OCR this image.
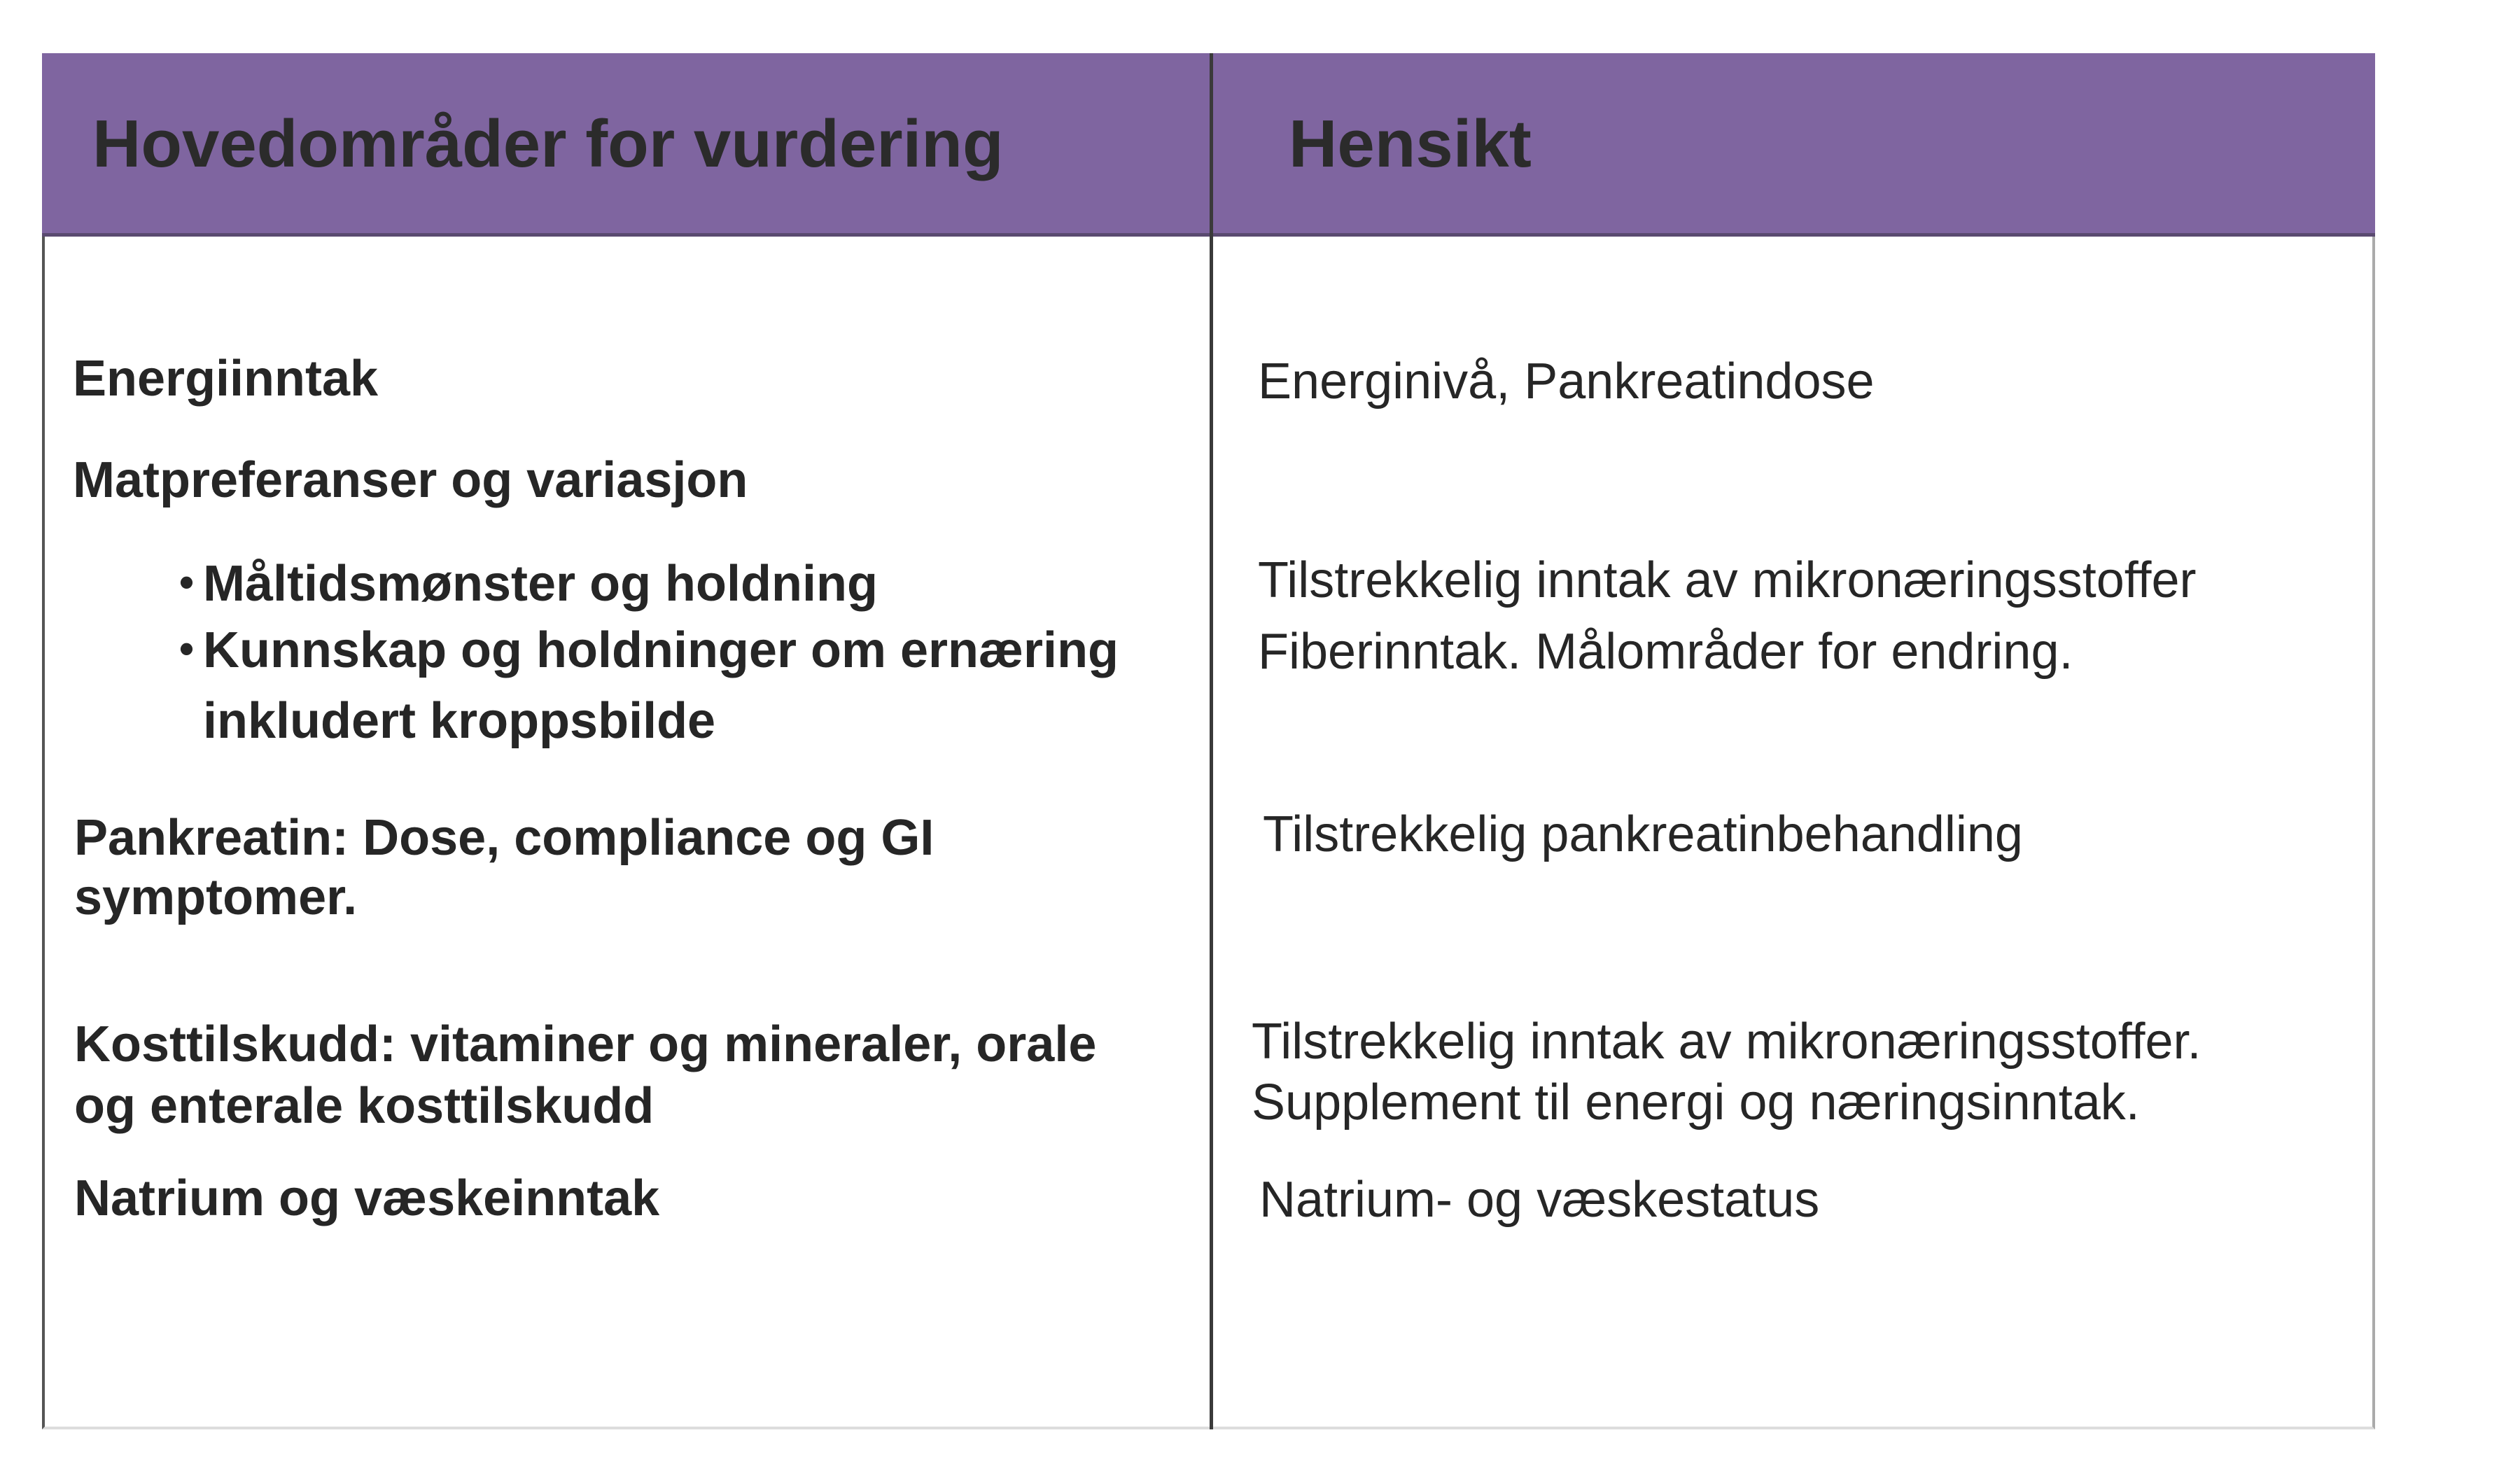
Hovedområder for vurdering	Hensikt
Energiinntak
Matpreferanser og variasjon
• Måltidsmønster og holdning
• Kunnskap og holdninger om ernæring
inkludert kroppsbilde
Pankreatin: Dose, compliance og GI
symptomer.
Kosttilskudd: vitaminer og mineraler, orale
og enterale kosttilskudd
Natrium og væskeinntak
Energinivå, Pankreatindose
Tilstrekkelig inntak av mikronæringsstoffer
Fiberinntak. Målområder for endring.
Tilstrekkelig pankreatinbehandling
Tilstrekkelig inntak av mikronæringsstoffer.
Supplement til energi og næringsinntak.
Natrium- og væskestatus
